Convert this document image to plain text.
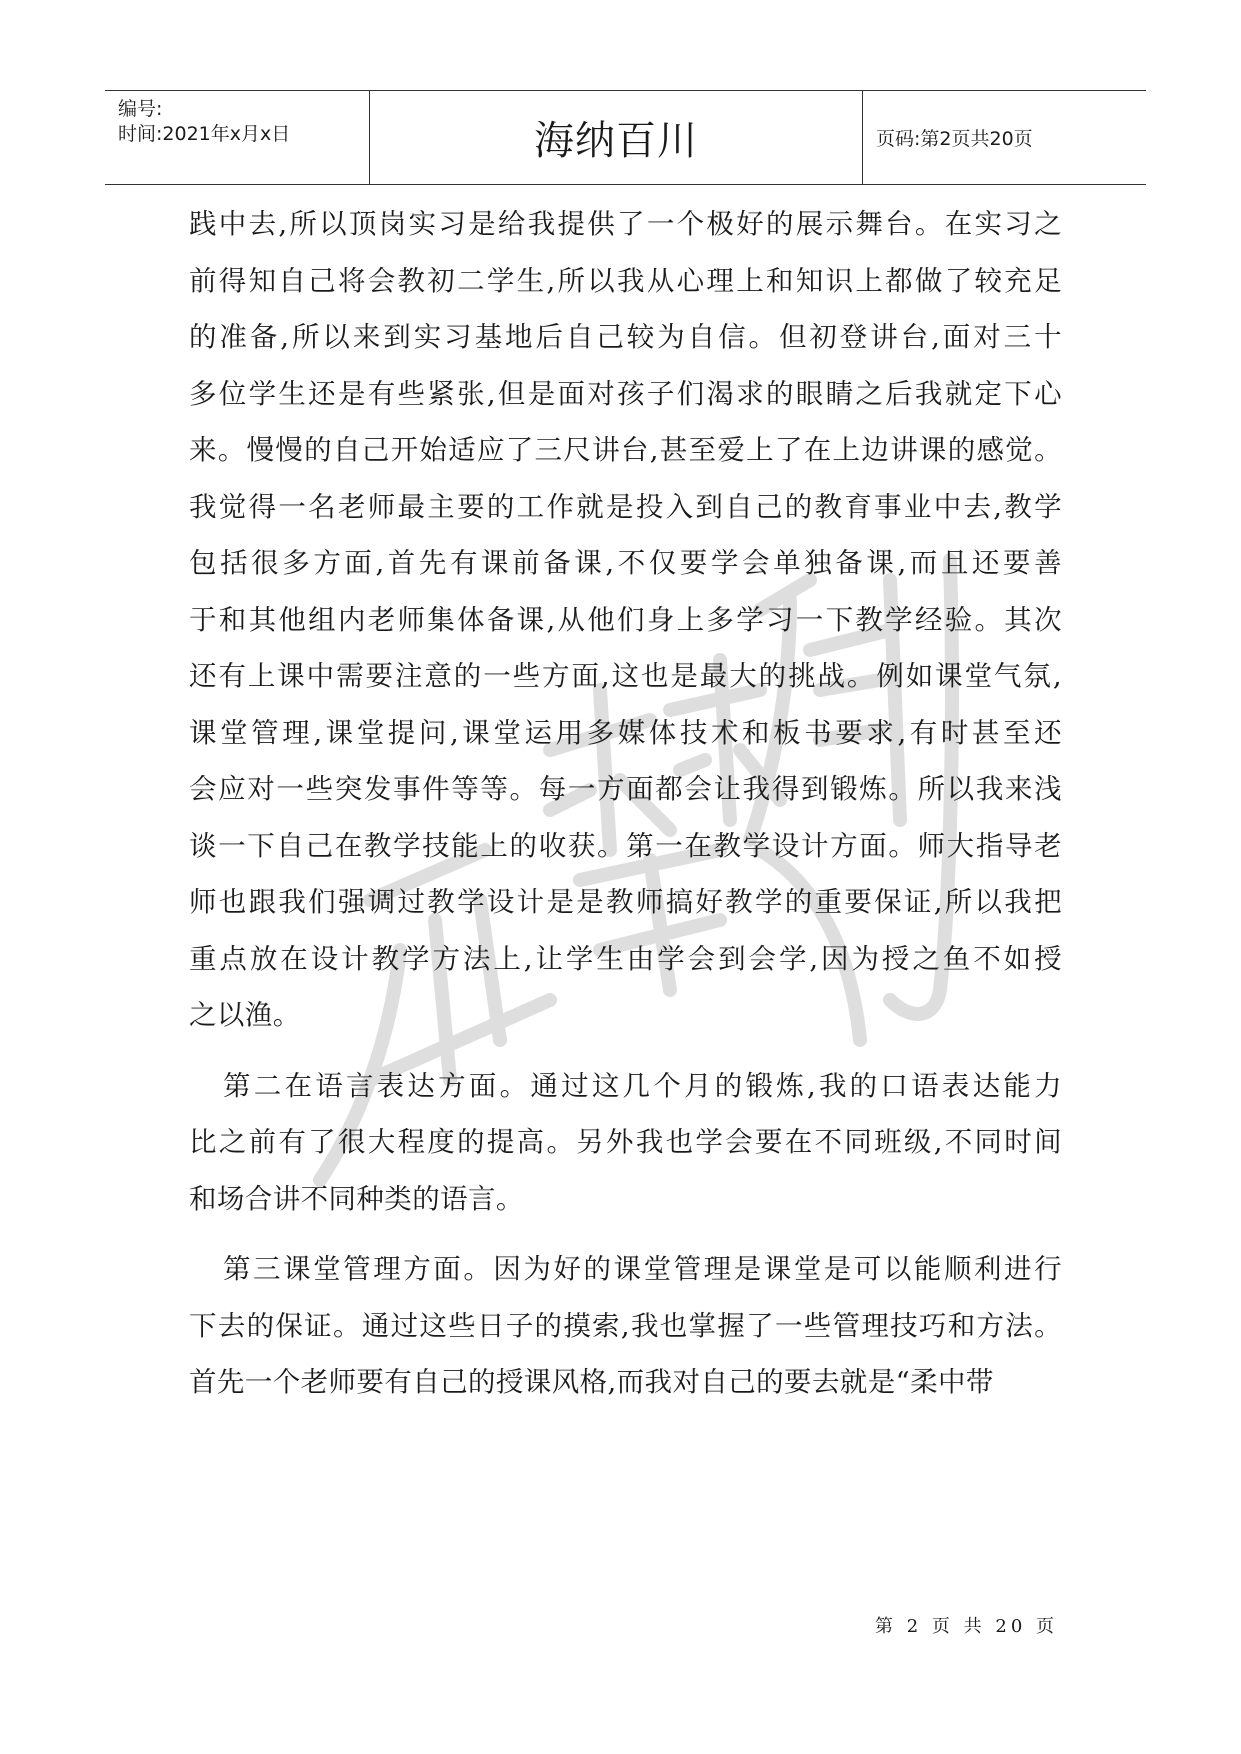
编号:
时间:2021年x月x日	海纳百川	页码:第2页共20页
践中去,所以顶岗实习是给我提供了一个极好的展示舞台。在实习之
前得知自己将会教初二学生,所以我从心理上和知识上都做了较充足
的准备,所以来到实习基地后自己较为自信。但初登讲台,面对三十
多位学生还是有些紧张,但是面对孩子们渴求的眼睛之后我就定下心
来。慢慢的自己开始适应了三尺讲台,甚至爱上了在上边讲课的感觉。
我觉得一名老师最主要的工作就是投入到自己的教育事业中去,教学
包括很多方面,首先有课前备课,不仅要学会单独备课,而且还要善
于和其他组内老师集体备课,从他们身上多学习一下教学经验。其次
还有上课中需要注意的一些方面,这也是最大的挑战。例如课堂气氛,
课堂管理,课堂提问,课堂运用多媒体技术和板书要求,有时甚至还
会应对一些突发事件等等。每一方面都会让我得到锻炼。所以我来浅
谈一下自己在教学技能上的收获。第一在教学设计方面。师大指导老
师也跟我们强调过教学设计是是教师搞好教学的重要保证,所以我把
重点放在设计教学方法上,让学生由学会到会学,因为授之鱼不如授
之以渔。
第二在语言表达方面。通过这几个月的锻炼,我的口语表达能力
比之前有了很大程度的提高。另外我也学会要在不同班级,不同时间
和场合讲不同种类的语言。
第三课堂管理方面。因为好的课堂管理是课堂是可以能顺利进行
下去的保证。通过这些日子的摸索,我也掌握了一些管理技巧和方法。
首先一个老师要有自己的授课风格,而我对自己的要去就是“柔中带
第 2 页 共 20 页
